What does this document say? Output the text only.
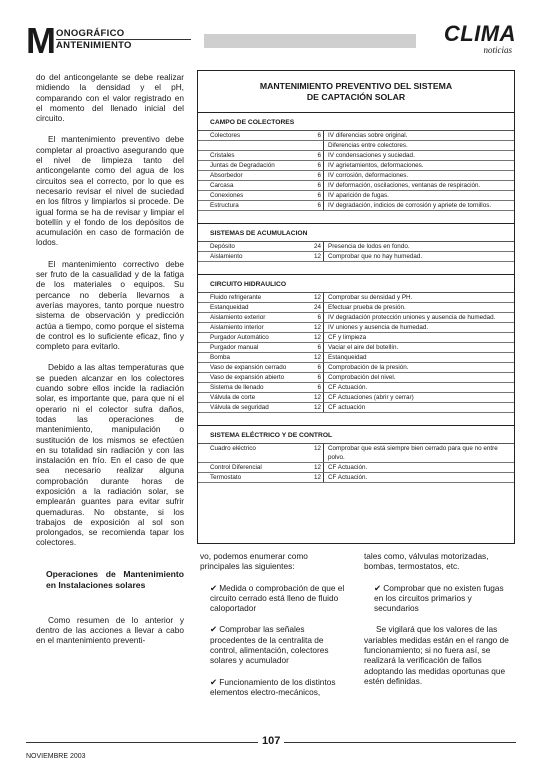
M ONOGRÁFICO
ANTENIMIENTO	CLIMA
noticias

do del anticongelante se debe realizar midiendo la densidad y el pH, comparando con el valor registrado en el momento del llenado inicial del circuito.

El mantenimiento preventivo debe completar al proactivo asegurando que el nivel de limpieza tanto del anticongelante como del agua de los circuitos sea el correcto, por lo que es necesario revisar el nivel de suciedad en los filtros y limpiarlos si procede. De igual forma se ha de revisar y limpiar el botellín y el fondo de los depósitos de acumulación en caso de formación de lodos.

El mantenimiento correctivo debe ser fruto de la casualidad y de la fatiga de los materiales o equipos. Su percance no debería llevarnos a averías mayores, tanto porque nuestro sistema de observación y predicción actúa a tiempo, como porque el sistema de control es lo suficiente eficaz, fino y completo para evitarlo.

Debido a las altas temperaturas que se pueden alcanzar en los colectores cuando sobre ellos incide la radiación solar, es importante que, para que ni el operario ni el colector sufra daños, todas las operaciones de mantenimiento, manipulación o sustitución de los mismos se efectúen en su totalidad sin radiación y con las instalación en frío. En el caso de que sea necesario realizar alguna comprobación durante horas de exposición a la radiación solar, se emplearán guantes para evitar sufrir quemaduras. No obstante, si los trabajos de exposición al sol son prolongados, se recomienda tapar los colectores.

Operaciones de Mantenimiento en Instalaciones solares

Como resumen de lo anterior y dentro de las acciones a llevar a cabo en el mantenimiento preventi-

MANTENIMIENTO PREVENTIVO DEL SISTEMA
DE CAPTACIÓN SOLAR
CAMPO DE COLECTORES
Colectores	6	IV diferencias sobre original.
		Diferencias entre colectores.
Cristales	6	IV condensaciones y suciedad.
Juntas de Degradación	6	IV agrietamientos, deformaciones.
Absorbedor	6	IV corrosión, deformaciones.
Carcasa	6	IV deformación, oscilaciones, ventanas de respiración.
Conexiones	6	IV aparición de fugas.
Estructura	6	IV degradación, indicios de corrosión y apriete de tornillos.
SISTEMAS DE ACUMULACION
Depósito	24	Presencia de lodos en fondo.
Aislamiento	12	Comprobar que no hay humedad.
CIRCUITO HIDRAULICO
Fluido refrigerante	12	Comprobar su densidad y PH.
Estanqueidad	24	Efectuar prueba de presión.
Aislamiento exterior	6	IV degradación protección uniones y ausencia de humedad.
Aislamiento interior	12	IV uniones y ausencia de humedad.
Purgador Automático	12	CF y limpieza
Purgador manual	6	Vaciar el aire del botellín.
Bomba	12	Estanqueidad
Vaso de expansión cerrado	6	Comprobación de la presión.
Vaso de expansión abierto	6	Comprobación del nivel.
Sistema de llenado	6	CF Actuación.
Válvula de corte	12	CF Actuaciones (abrir y cerrar)
Válvula de seguridad	12	CF actuación
SISTEMA ELÉCTRICO Y DE CONTROL
Cuadro eléctrico	12	Comprobar que está siempre bien cerrado para que no entre polvo.
Control Diferencial	12	CF Actuación.
Termostato	12	CF Actuación.

vo, podemos enumerar como principales las siguientes:

✔ Medida o comprobación de que el circuito cerrado está lleno de fluido caloportador

✔ Comprobar las señales procedentes de la centralita de control, alimentación, colectores solares y acumulador

✔ Funcionamiento de los distintos elementos electro-mecánicos,

tales como, válvulas motorizadas, bombas, termostatos, etc.

✔ Comprobar que no existen fugas en los circuitos primarios y secundarios

Se vigilará que los valores de las variables medidas están en el rango de funcionamiento; si no fuera así, se realizará la verificación de fallos adoptando las medidas oportunas que estén definidas.

107
NOVIEMBRE 2003
